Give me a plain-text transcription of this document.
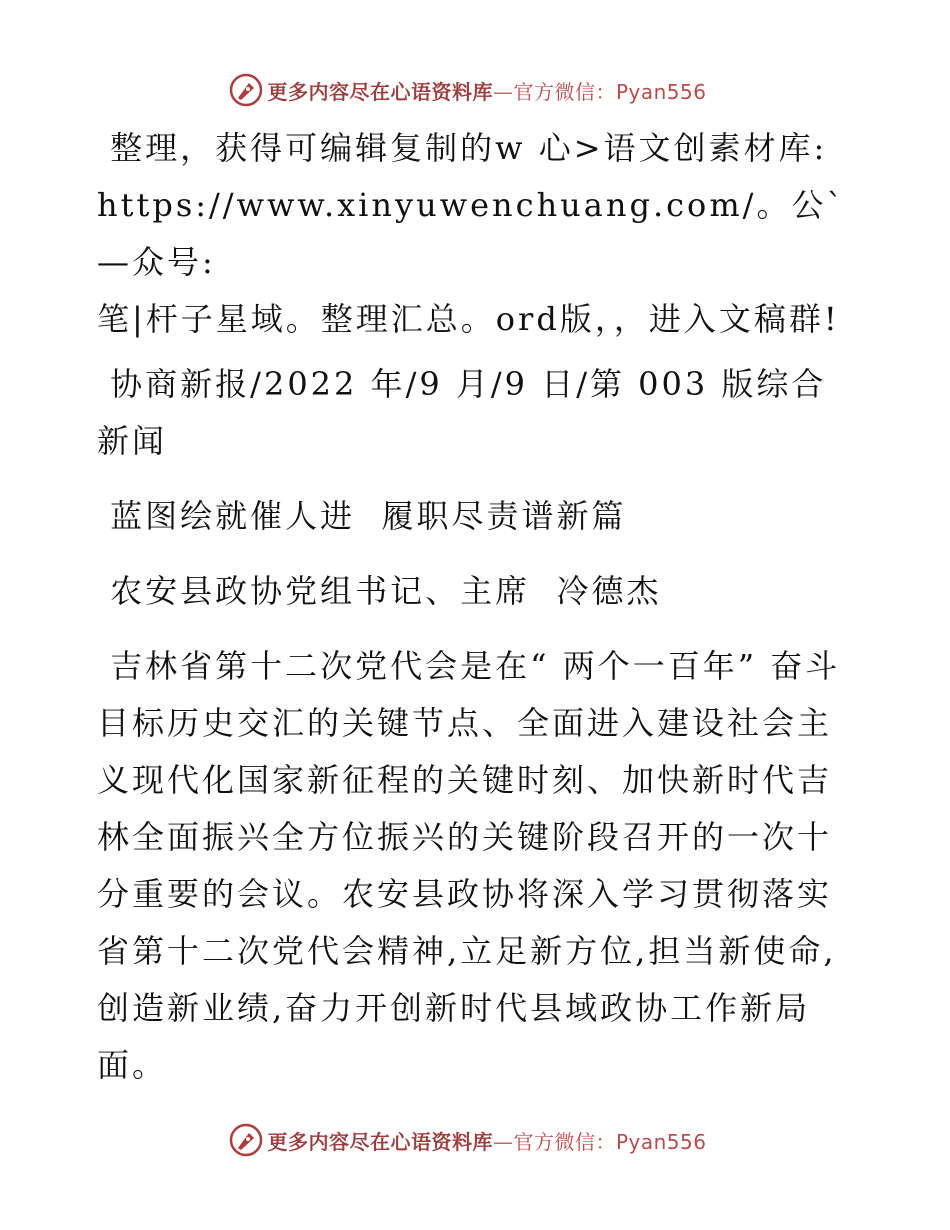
更多内容尽在心语资料库—官方微信：Pyan556

整理，获得可编辑复制的w 心>语文创素材库:

https://www.xinyuwenchuang.com/。公`—众号:

笔|杆子星域。整理汇总。ord版，，进入文稿群!

协商新报/2022 年/9 月/9 日/第 003 版综合新闻

蓝图绘就催人进  履职尽责谱新篇

农安县政协党组书记、主席  冷德杰

吉林省第十二次党代会是在“ 两个一百年” 奋斗目标历史交汇的关键节点、全面进入建设社会主义现代化国家新征程的关键时刻、加快新时代吉林全面振兴全方位振兴的关键阶段召开的一次十分重要的会议。农安县政协将深入学习贯彻落实省第十二次党代会精神,立足新方位,担当新使命,创造新业绩,奋力开创新时代县域政协工作新局面。

更多内容尽在心语资料库—官方微信：Pyan556
